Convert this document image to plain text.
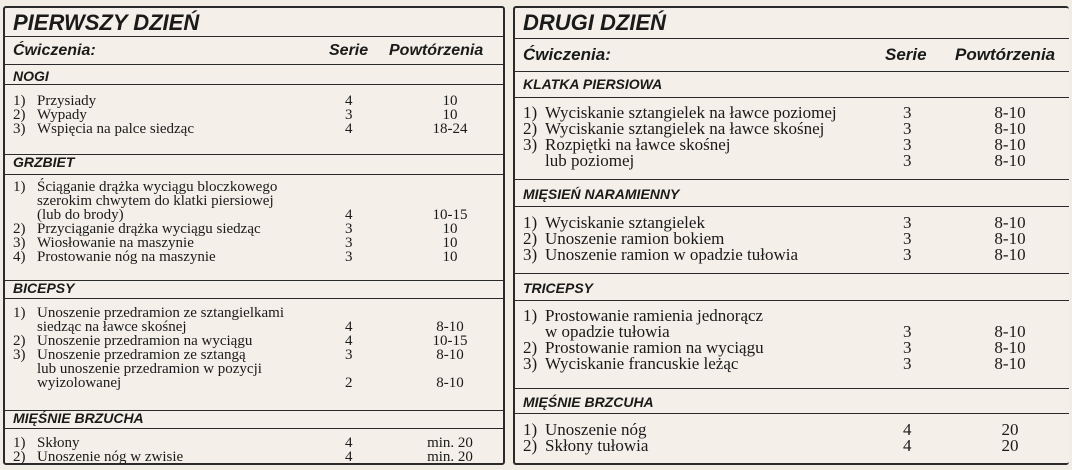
PIERWSZY DZIEŃ
Ćwiczenia:	Serie Powtórzenia
NOGI
1) Przysiady	4	10
2) Wypady	3	10
3) Wspięcia na palce siedząc	4	18-24
GRZBIET
1) Ściąganie drążka wyciągu bloczkowego
szerokim chwytem do klatki piersiowej
(lub do brody)	4	10-15
2) Przyciąganie drążka wyciągu siedząc	3	10
3) Wiosłowanie na maszynie	3	10
4) Prostowanie nóg na maszynie	3	10
BICEPSY
1) Unoszenie przedramion ze sztangielkami
siedząc na ławce skośnej	4	8-10
2) Unoszenie przedramion na wyciągu	4	10-15
3) Unoszenie przedramion ze sztangą	3	8-10
lub unoszenie przedramion w pozycji
wyizolowanej	2	8-10
MIĘŚNIE BRZUCHA
1) Skłony	4	min. 20
2) Unoszenie nóg w zwisie	4	min. 20
DRUGI DZIEŃ
Ćwiczenia:	Serie Powtórzenia
KLATKA PIERSIOWA
1) Wyciskanie sztangielek na ławce poziomej	3	8-10
2) Wyciskanie sztangielek na ławce skośnej	3	8-10
3) Rozpiętki na ławce skośnej	3	8-10
lub poziomej	3	8-10
MIĘSIEŃ NARAMIENNY
1) Wyciskanie sztangielek	3	8-10
2) Unoszenie ramion bokiem	3	8-10
3) Unoszenie ramion w opadzie tułowia	3	8-10
TRICEPSY
1) Prostowanie ramienia jednorącz
w opadzie tułowia	3	8-10
2) Prostowanie ramion na wyciągu	3	8-10
3) Wyciskanie francuskie leżąc	3	8-10
MIĘŚNIE BRZCUHA
1) Unoszenie nóg	4	20
2) Skłony tułowia	4	20
